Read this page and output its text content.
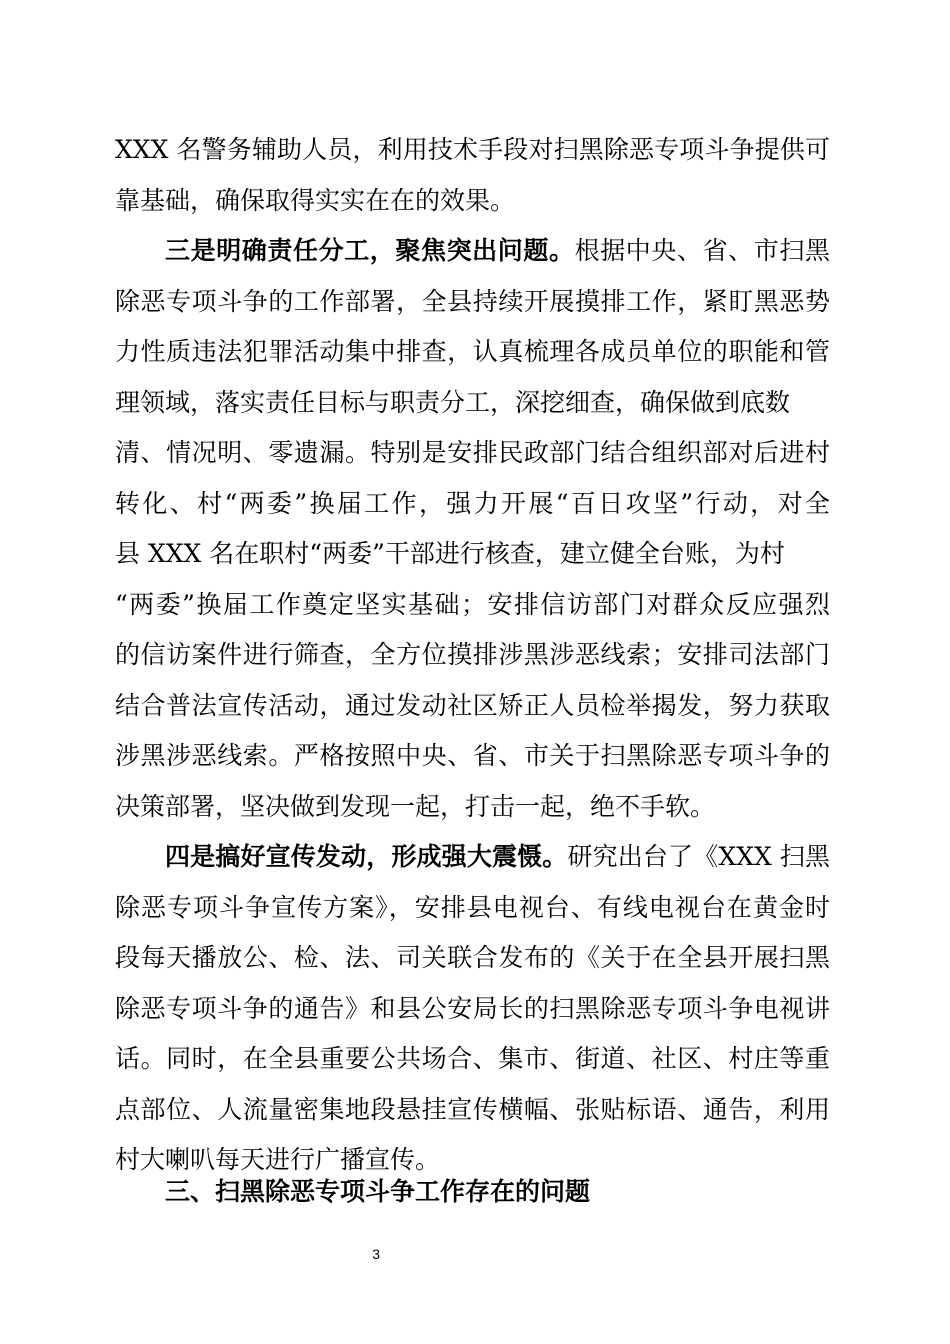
XXX 名警务辅助人员，利用技术手段对扫黑除恶专项斗争提供可
靠基础，确保取得实实在在的效果。
三是明确责任分工，聚焦突出问题。根据中央、省、市扫黑
除恶专项斗争的工作部署，全县持续开展摸排工作，紧盯黑恶势
力性质违法犯罪活动集中排查，认真梳理各成员单位的职能和管
理领域，落实责任目标与职责分工，深挖细查，确保做到底数
清、情况明、零遗漏。特别是安排民政部门结合组织部对后进村
转化、村“两委”换届工作，强力开展“百日攻坚”行动，对全
县 XXX 名在职村“两委”干部进行核查，建立健全台账，为村
“两委”换届工作奠定坚实基础；安排信访部门对群众反应强烈
的信访案件进行筛查，全方位摸排涉黑涉恶线索；安排司法部门
结合普法宣传活动，通过发动社区矫正人员检举揭发，努力获取
涉黑涉恶线索。严格按照中央、省、市关于扫黑除恶专项斗争的
决策部署，坚决做到发现一起，打击一起，绝不手软。
四是搞好宣传发动，形成强大震慑。研究出台了《XXX 扫黑
除恶专项斗争宣传方案》，安排县电视台、有线电视台在黄金时
段每天播放公、检、法、司关联合发布的《关于在全县开展扫黑
除恶专项斗争的通告》和县公安局长的扫黑除恶专项斗争电视讲
话。同时，在全县重要公共场合、集市、街道、社区、村庄等重
点部位、人流量密集地段悬挂宣传横幅、张贴标语、通告，利用
村大喇叭每天进行广播宣传。
三、扫黑除恶专项斗争工作存在的问题
3
